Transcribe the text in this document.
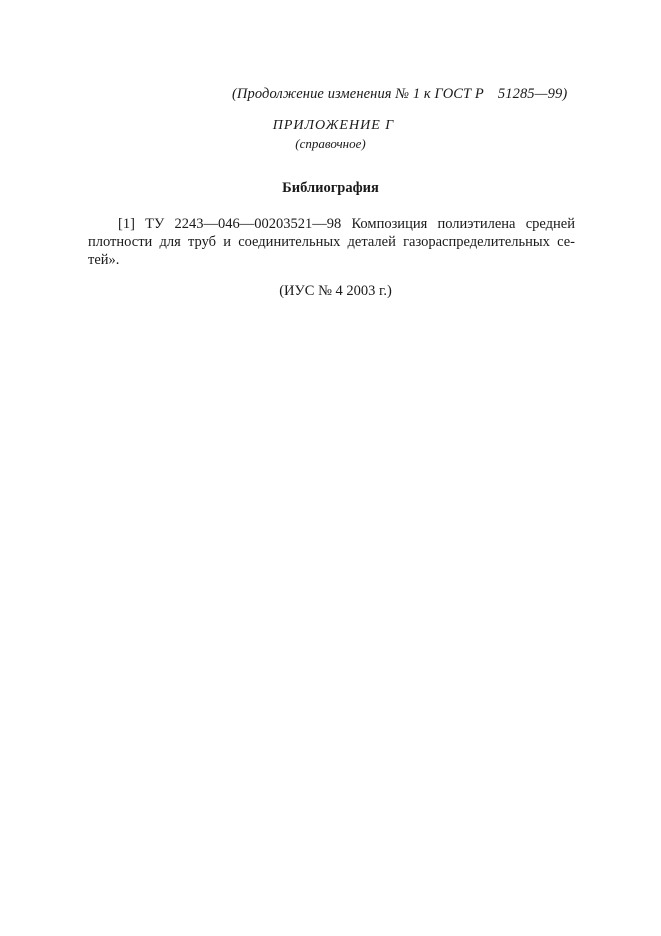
(Продолжение изменения № 1 к ГОСТ Р 51285—99)
ПРИЛОЖЕНИЕ Г
(справочное)
Библиография
[1] ТУ 2243—046—00203521—98 Композиция полиэтилена средней
плотности для труб и соединительных деталей газораспределительных се-
тей».
(ИУС № 4 2003 г.)
